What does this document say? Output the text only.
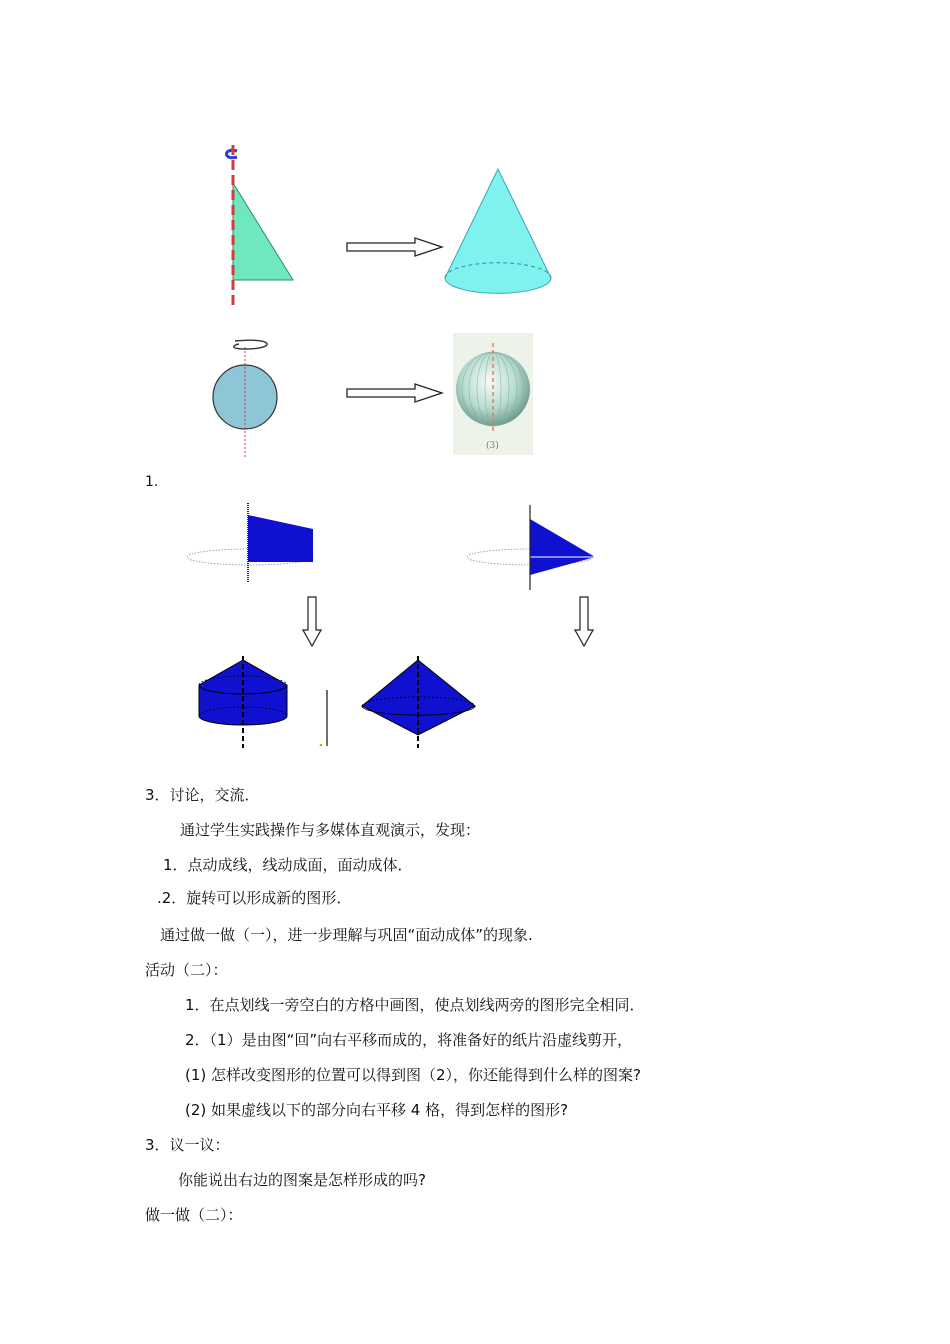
(3)
1.
3．讨论，交流．
通过学生实践操作与多媒体直观演示，发现：
1．点动成线，线动成面，面动成体．
.2．旋转可以形成新的图形．
通过做一做（一），进一步理解与巩固“面动成体”的现象.
活动（二）：
1．在点划线一旁空白的方格中画图，使点划线两旁的图形完全相同．
2．（1）是由图“回”向右平移而成的，将准备好的纸片沿虚线剪开，
(1) 怎样改变图形的位置可以得到图（2），你还能得到什么样的图案?
(2) 如果虚线以下的部分向右平移 4 格，得到怎样的图形?
3．议一议：
你能说出右边的图案是怎样形成的吗?
做一做（二）：
